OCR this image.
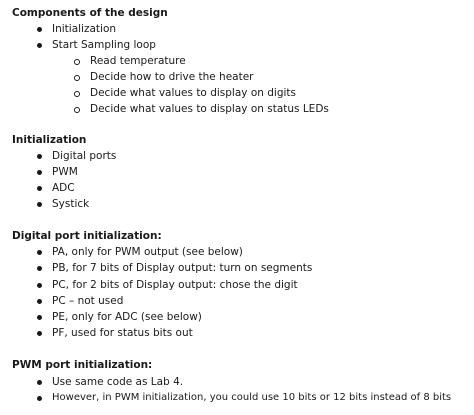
Components of the design
Initialization
Start Sampling loop
Read temperature
Decide how to drive the heater
Decide what values to display on digits
Decide what values to display on status LEDs
Initialization
Digital ports
PWM
ADC
Systick
Digital port initialization:
PA, only for PWM output (see below)
PB, for 7 bits of Display output: turn on segments
PC, for 2 bits of Display output: chose the digit
PC – not used
PE, only for ADC (see below)
PF, used for status bits out
PWM port initialization:
Use same code as Lab 4.
However, in PWM initialization, you could use 10 bits or 12 bits instead of 8 bits
